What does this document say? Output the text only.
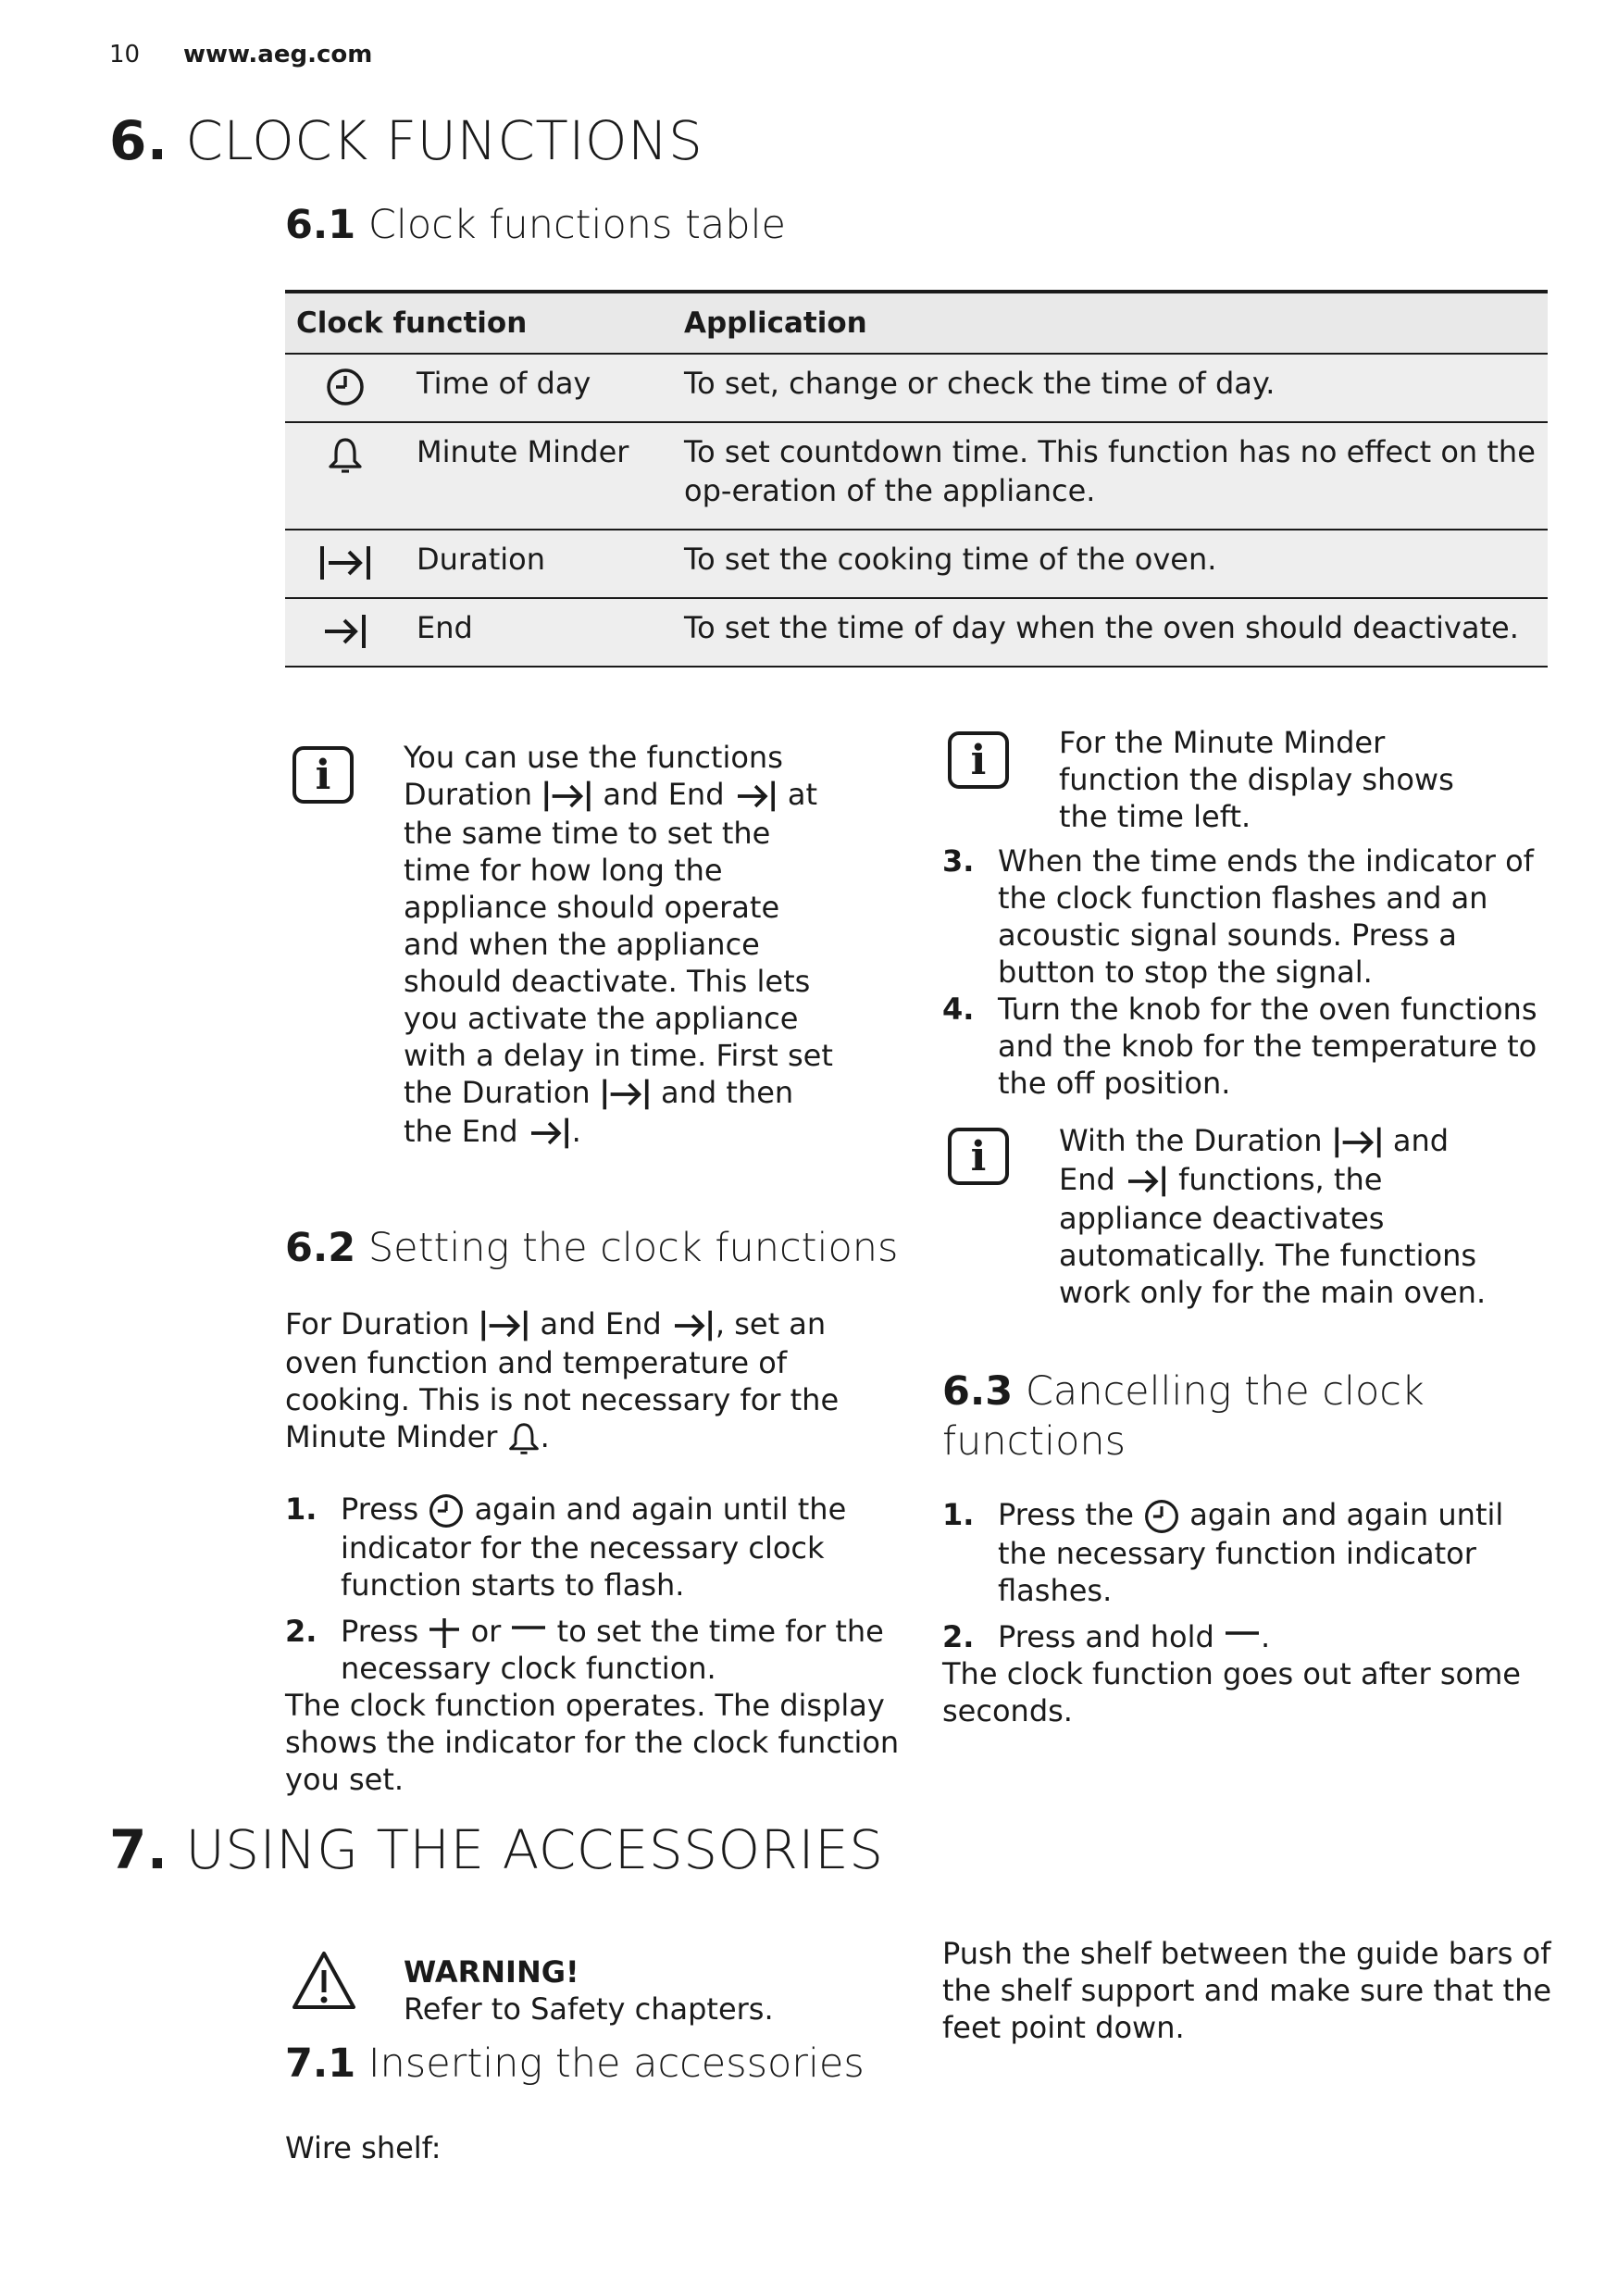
10 www.aeg.com
6. CLOCK FUNCTIONS
6.1 Clock functions table
Clock function		Application
	Time of day	To set, change or check the time of day.
	Minute Minder	To set countdown time. This function has no effect on the op-eration of the appliance.
	Duration	To set the cooking time of the oven.
	End	To set the time of day when the oven should deactivate.
i	You can use the functions
Duration and End at
the same time to set the
time for how long the
appliance should operate
and when the appliance
should deactivate. This lets
you activate the appliance
with a delay in time. First set
the Duration and then
the End .
6.2 Setting the clock functions
For Duration and End , set an
oven function and temperature of
cooking. This is not necessary for the
Minute Minder .
1. Press again and again until the
indicator for the necessary clock
function starts to flash.
2. Press or to set the time for the
necessary clock function.
The clock function operates. The display
shows the indicator for the clock function
you set.
i	For the Minute Minder
function the display shows
the time left.
3. When the time ends the indicator of
the clock function flashes and an
acoustic signal sounds. Press a
button to stop the signal.
4. Turn the knob for the oven functions
and the knob for the temperature to
the off position.
i	With the Duration and
End functions, the
appliance deactivates
automatically. The functions
work only for the main oven.
6.3 Cancelling the clock
functions
1. Press the again and again until
the necessary function indicator
flashes.
2. Press and hold .
The clock function goes out after some
seconds.
7. USING THE ACCESSORIES
WARNING!
Refer to Safety chapters.
7.1 Inserting the accessories
Wire shelf:
Push the shelf between the guide bars of
the shelf support and make sure that the
feet point down.
